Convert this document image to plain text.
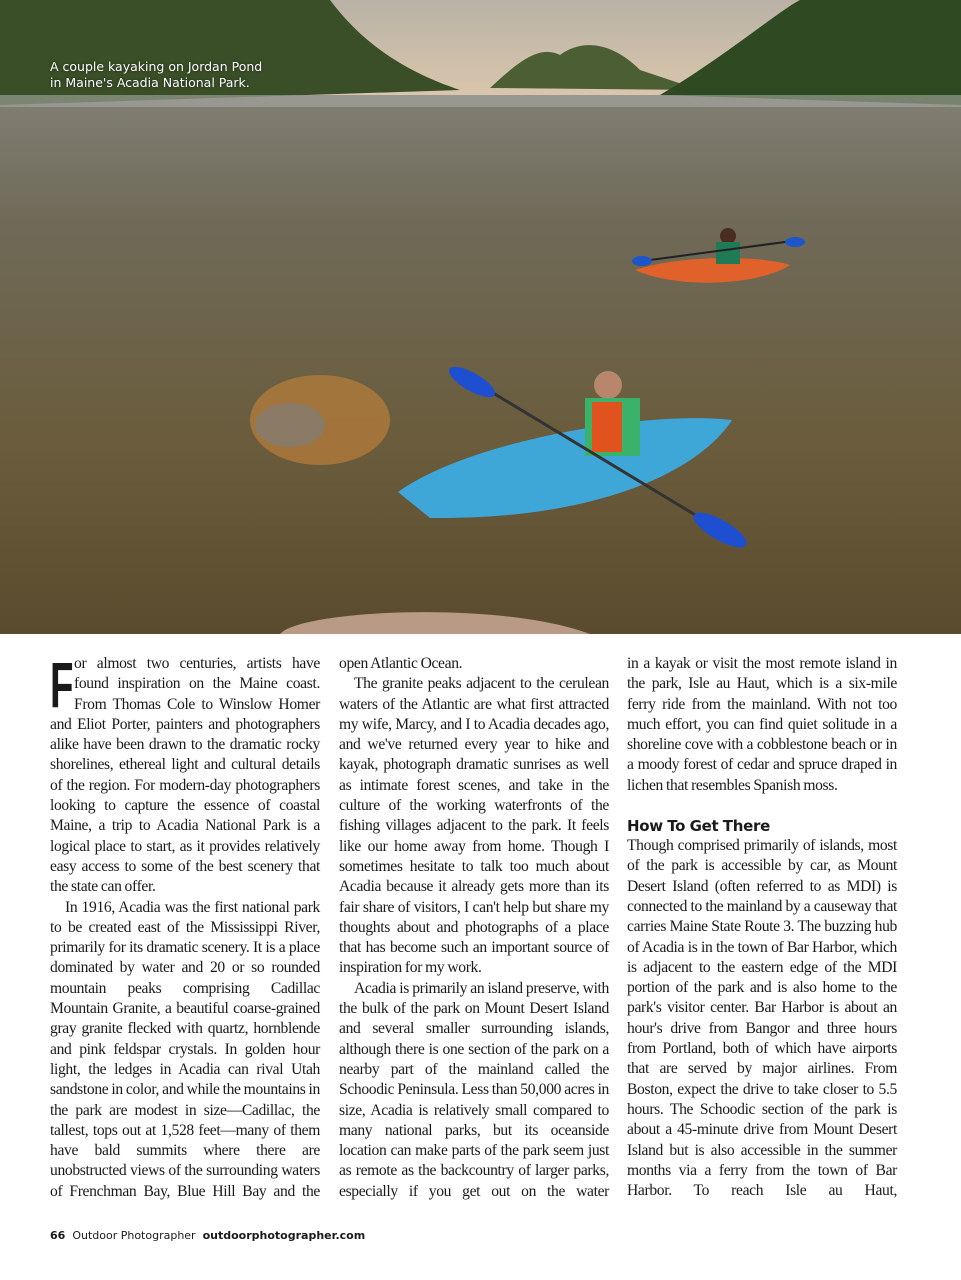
A couple kayaking on Jordan Pond
in Maine's Acadia National Park.

For almost two centuries, artists have found inspiration on the Maine coast. From Thomas Cole to Winslow Homer and Eliot Porter, painters and photographers alike have been drawn to the dramatic rocky shorelines, ethereal light and cultural details of the region. For modern-day photographers looking to capture the essence of coastal Maine, a trip to Acadia National Park is a logical place to start, as it provides relatively easy access to some of the best scenery that the state can offer.

In 1916, Acadia was the first national park to be created east of the Mississippi River, primarily for its dramatic scenery. It is a place dominated by water and 20 or so rounded mountain peaks comprising Cadillac Mountain Granite, a beautiful coarse-grained gray granite flecked with quartz, hornblende and pink feldspar crystals. In golden hour light, the ledges in Acadia can rival Utah sandstone in color, and while the mountains in the park are modest in size—Cadillac, the tallest, tops out at 1,528 feet—many of them have bald summits where there are unobstructed views of the surrounding waters of Frenchman Bay, Blue Hill Bay and the

open Atlantic Ocean.

The granite peaks adjacent to the cerulean waters of the Atlantic are what first attracted my wife, Marcy, and I to Acadia decades ago, and we've returned every year to hike and kayak, photograph dramatic sunrises as well as intimate forest scenes, and take in the culture of the working waterfronts of the fishing villages adjacent to the park. It feels like our home away from home. Though I sometimes hesitate to talk too much about Acadia because it already gets more than its fair share of visitors, I can't help but share my thoughts about and photographs of a place that has become such an important source of inspiration for my work.

Acadia is primarily an island preserve, with the bulk of the park on Mount Desert Island and several smaller surrounding islands, although there is one section of the park on a nearby part of the mainland called the Schoodic Peninsula. Less than 50,000 acres in size, Acadia is relatively small compared to many national parks, but its oceanside location can make parts of the park seem just as remote as the backcountry of larger parks, especially if you get out on the water

in a kayak or visit the most remote island in the park, Isle au Haut, which is a six-mile ferry ride from the mainland. With not too much effort, you can find quiet solitude in a shoreline cove with a cobblestone beach or in a moody forest of cedar and spruce draped in lichen that resembles Spanish moss.

How To Get There

Though comprised primarily of islands, most of the park is accessible by car, as Mount Desert Island (often referred to as MDI) is connected to the mainland by a causeway that carries Maine State Route 3. The buzzing hub of Acadia is in the town of Bar Harbor, which is adjacent to the eastern edge of the MDI portion of the park and is also home to the park's visitor center. Bar Harbor is about an hour's drive from Bangor and three hours from Portland, both of which have airports that are served by major airlines. From Boston, expect the drive to take closer to 5.5 hours. The Schoodic section of the park is about a 45-minute drive from Mount Desert Island but is also accessible in the summer months via a ferry from the town of Bar Harbor. To reach Isle au Haut,

66 Outdoor Photographer outdoorphotographer.com
